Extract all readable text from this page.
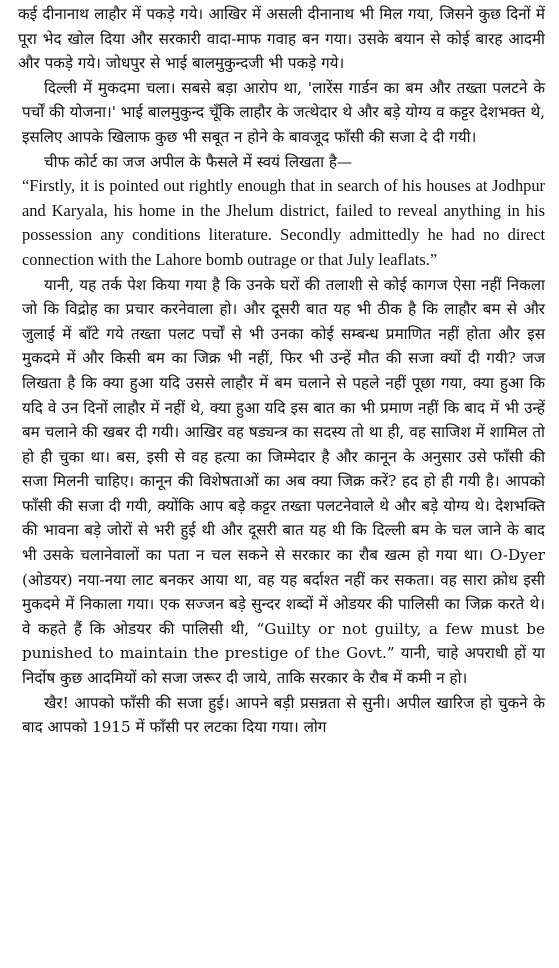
कई दीनानाथ लाहौर में पकड़े गये। आखिर में असली दीनानाथ भी मिल गया, जिसने कुछ दिनों में पूरा भेद खोल दिया और सरकारी वादा-माफ गवाह बन गया। उसके बयान से कोई बारह आदमी और पकड़े गये। जोधपुर से भाई बालमुकुन्दजी भी पकड़े गये।

दिल्ली में मुकदमा चला। सबसे बड़ा आरोप था, 'लारेंस गार्डन का बम और तख्ता पलटने के पर्चों की योजना।' भाई बालमुकुन्द चूँकि लाहौर के जत्थेदार थे और बड़े योग्य व कट्टर देशभक्त थे, इसलिए आपके खिलाफ कुछ भी सबूत न होने के बावजूद फाँसी की सजा दे दी गयी।

चीफ कोर्ट का जज अपील के फैसले में स्वयं लिखता है—

“Firstly, it is pointed out rightly enough that in search of his houses at Jodhpur and Karyala, his home in the Jhelum district, failed to reveal anything in his possession any conditions literature. Secondly admittedly he had no direct connection with the Lahore bomb outrage or that July leaflats.”

यानी, यह तर्क पेश किया गया है कि उनके घरों की तलाशी से कोई कागज ऐसा नहीं निकला जो कि विद्रोह का प्रचार करनेवाला हो। और दूसरी बात यह भी ठीक है कि लाहौर बम से और जुलाई में बाँटे गये तख्ता पलट पर्चों से भी उनका कोई सम्बन्ध प्रमाणित नहीं होता और इस मुकदमे में और किसी बम का जिक्र भी नहीं, फिर भी उन्हें मौत की सजा क्यों दी गयी? जज लिखता है कि क्या हुआ यदि उससे लाहौर में बम चलाने से पहले नहीं पूछा गया, क्या हुआ कि यदि वे उन दिनों लाहौर में नहीं थे, क्या हुआ यदि इस बात का भी प्रमाण नहीं कि बाद में भी उन्हें बम चलाने की खबर दी गयी। आखिर वह षड्यन्त्र का सदस्य तो था ही, वह साजिश में शामिल तो हो ही चुका था। बस, इसी से वह हत्या का जिम्मेदार है और कानून के अनुसार उसे फाँसी की सजा मिलनी चाहिए। कानून की विशेषताओं का अब क्या जिक्र करें? हद हो ही गयी है। आपको फाँसी की सजा दी गयी, क्योंकि आप बड़े कट्टर तख्ता पलटनेवाले थे और बड़े योग्य थे। देशभक्ति की भावना बड़े जोरों से भरी हुई थी और दूसरी बात यह थी कि दिल्ली बम के चल जाने के बाद भी उसके चलानेवालों का पता न चल सकने से सरकार का रौब खत्म हो गया था। O-Dyer (ओडयर) नया-नया लाट बनकर आया था, वह यह बर्दाश्त नहीं कर सकता। वह सारा क्रोध इसी मुकदमे में निकाला गया। एक सज्जन बड़े सुन्दर शब्दों में ओडयर की पालिसी का जिक्र करते थे। वे कहते हैं कि ओडयर की पालिसी थी, “Guilty or not guilty, a few must be punished to maintain the prestige of the Govt.” यानी, चाहे अपराधी हों या निर्दोष कुछ आदमियों को सजा जरूर दी जाये, ताकि सरकार के रौब में कमी न हो।

खैर! आपको फाँसी की सजा हुई। आपने बड़ी प्रसन्नता से सुनी। अपील खारिज हो चुकने के बाद आपको 1915 में फाँसी पर लटका दिया गया। लोग
